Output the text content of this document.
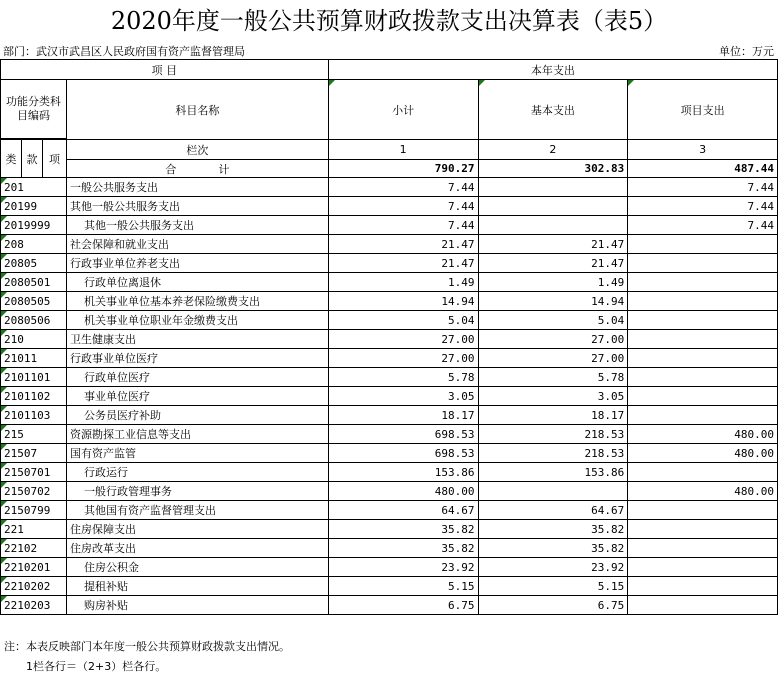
2020年度一般公共预算财政拨款支出决算表（表5）
部门：武汉市武昌区人民政府国有资产监督管理局	单位：万元
项 目				本年支出		
功能分类科目编码			科目名称	小计	基本支出	项目支出

类	款	项	栏次	1	2	3
			合            计	790.27	302.83	487.44
201			一般公共服务支出	7.44		7.44
20199			其他一般公共服务支出	7.44		7.44
2019999			其他一般公共服务支出	7.44		7.44
208			社会保障和就业支出	21.47	21.47	
20805			行政事业单位养老支出	21.47	21.47	
2080501			行政单位离退休	1.49	1.49	
2080505			机关事业单位基本养老保险缴费支出	14.94	14.94	
2080506			机关事业单位职业年金缴费支出	5.04	5.04	
210			卫生健康支出	27.00	27.00	
21011			行政事业单位医疗	27.00	27.00	
2101101			行政单位医疗	5.78	5.78	
2101102			事业单位医疗	3.05	3.05	
2101103			公务员医疗补助	18.17	18.17	
215			资源勘探工业信息等支出	698.53	218.53	480.00
21507			国有资产监管	698.53	218.53	480.00
2150701			行政运行	153.86	153.86	
2150702			一般行政管理事务	480.00		480.00
2150799			其他国有资产监督管理支出	64.67	64.67	
221			住房保障支出	35.82	35.82	
22102			住房改革支出	35.82	35.82	
2210201			住房公积金	23.92	23.92	
2210202			提租补贴	5.15	5.15	
2210203			购房补贴	6.75	6.75	
注：本表反映部门本年度一般公共预算财政拨款支出情况。
1栏各行＝（2+3）栏各行。
